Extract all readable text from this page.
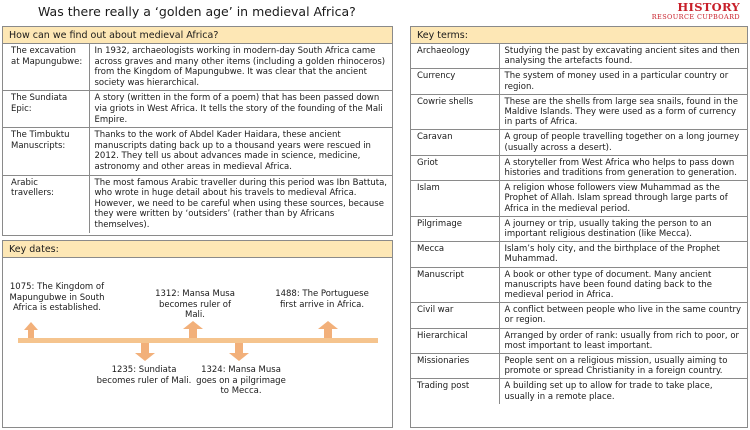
Was there really a ‘golden age’ in medieval Africa?	HISTORY
RESOURCE CUPBOARD
How can we find out about medieval Africa?
The excavation at Mapungubwe:	In 1932, archaeologists working in modern-day South Africa came across graves and many other items (including a golden rhinoceros) from the Kingdom of Mapungubwe. It was clear that the ancient society was hierarchical.
The Sundiata Epic:	A story (written in the form of a poem) that has been passed down via griots in West Africa. It tells the story of the founding of the Mali Empire.
The Timbuktu Manuscripts:	Thanks to the work of Abdel Kader Haidara, these ancient manuscripts dating back up to a thousand years were rescued in 2012. They tell us about advances made in science, medicine, astronomy and other areas in medieval Africa.
Arabic travellers:	The most famous Arabic traveller during this period was Ibn Battuta, who wrote in huge detail about his travels to medieval Africa. However, we need to be careful when using these sources, because they were written by ‘outsiders’ (rather than by Africans themselves).
Key dates:
1075: The Kingdom of Mapungubwe in South Africa is established.
1235: Sundiata becomes ruler of Mali.
1312: Mansa Musa becomes ruler of Mali.
1324: Mansa Musa goes on a pilgrimage to Mecca.
1488: The Portuguese first arrive in Africa.
Key terms:
Archaeology	Studying the past by excavating ancient sites and then analysing the artefacts found.
Currency	The system of money used in a particular country or region.
Cowrie shells	These are the shells from large sea snails, found in the Maldive Islands. They were used as a form of currency in parts of Africa.
Caravan	A group of people travelling together on a long journey (usually across a desert).
Griot	A storyteller from West Africa who helps to pass down histories and traditions from generation to generation.
Islam	A religion whose followers view Muhammad as the Prophet of Allah. Islam spread through large parts of Africa in the medieval period.
Pilgrimage	A journey or trip, usually taking the person to an important religious destination (like Mecca).
Mecca	Islam’s holy city, and the birthplace of the Prophet Muhammad.
Manuscript	A book or other type of document. Many ancient manuscripts have been found dating back to the medieval period in Africa.
Civil war	A conflict between people who live in the same country or region.
Hierarchical	Arranged by order of rank: usually from rich to poor, or most important to least important.
Missionaries	People sent on a religious mission, usually aiming to promote or spread Christianity in a foreign country.
Trading post	A building set up to allow for trade to take place, usually in a remote place.
